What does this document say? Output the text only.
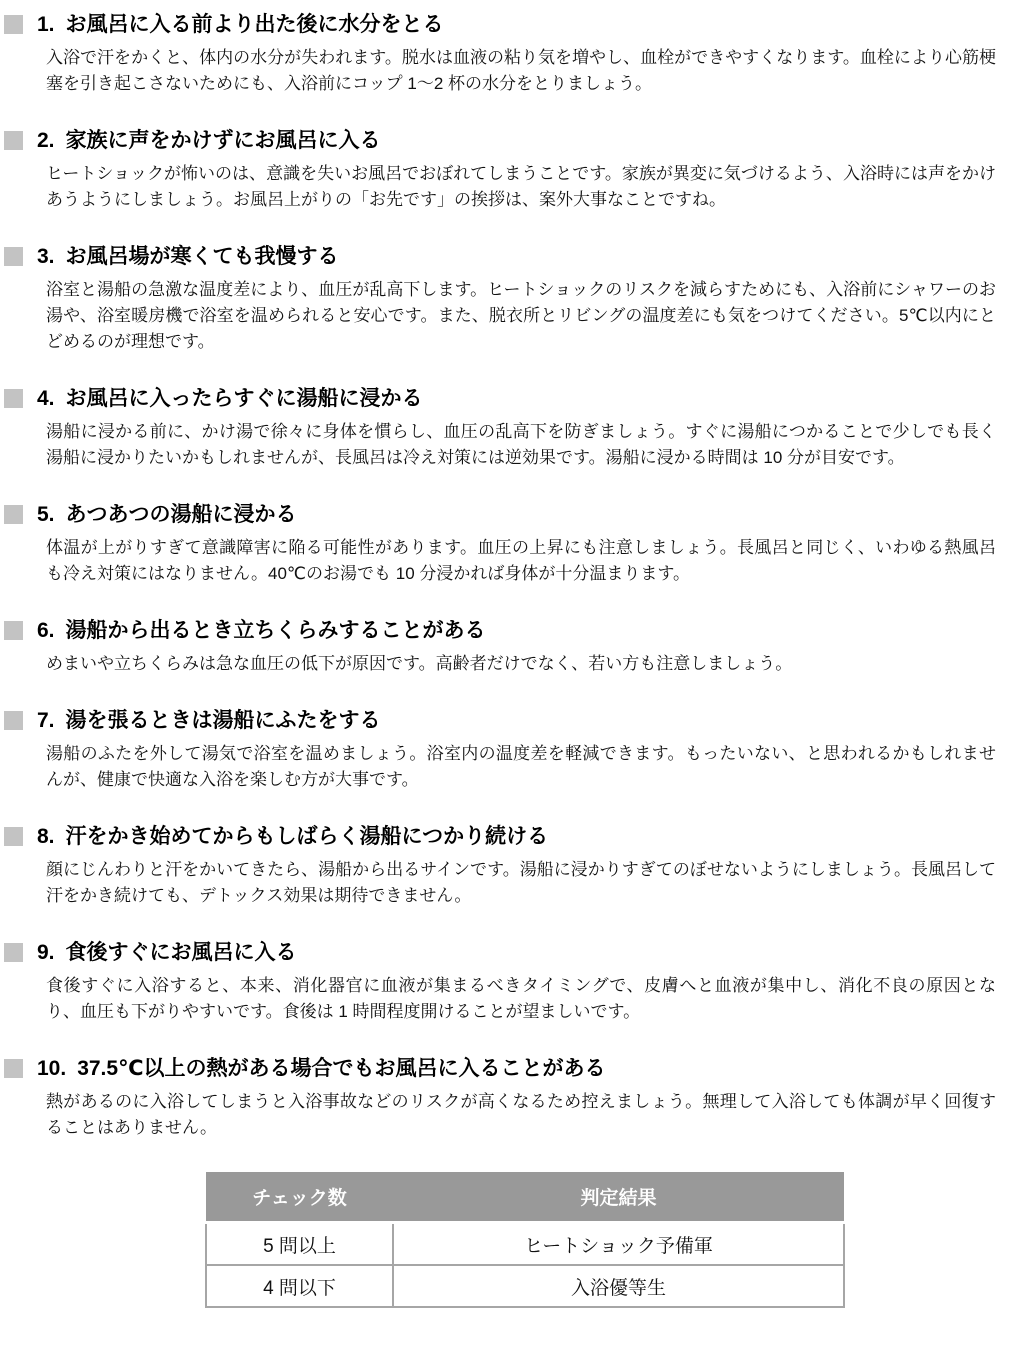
1. お風呂に入る前より出た後に水分をとる

入浴で汗をかくと、体内の水分が失われます。脱水は血液の粘り気を増やし、血栓ができやすくなります。血栓により心筋梗塞を引き起こさないためにも、入浴前にコップ 1～2 杯の水分をとりましょう。

2. 家族に声をかけずにお風呂に入る

ヒートショックが怖いのは、意識を失いお風呂でおぼれてしまうことです。家族が異変に気づけるよう、入浴時には声をかけあうようにしましょう。お風呂上がりの「お先です」の挨拶は、案外大事なことですね。

3. お風呂場が寒くても我慢する

浴室と湯船の急激な温度差により、血圧が乱高下します。ヒートショックのリスクを減らすためにも、入浴前にシャワーのお湯や、浴室暖房機で浴室を温められると安心です。また、脱衣所とリビングの温度差にも気をつけてください。5℃以内にとどめるのが理想です。

4. お風呂に入ったらすぐに湯船に浸かる

湯船に浸かる前に、かけ湯で徐々に身体を慣らし、血圧の乱高下を防ぎましょう。すぐに湯船につかることで少しでも長く湯船に浸かりたいかもしれませんが、長風呂は冷え対策には逆効果です。湯船に浸かる時間は 10 分が目安です。

5. あつあつの湯船に浸かる

体温が上がりすぎて意識障害に陥る可能性があります。血圧の上昇にも注意しましょう。長風呂と同じく、いわゆる熱風呂も冷え対策にはなりません。40℃のお湯でも 10 分浸かれば身体が十分温まります。

6. 湯船から出るとき立ちくらみすることがある

めまいや立ちくらみは急な血圧の低下が原因です。高齢者だけでなく、若い方も注意しましょう。

7. 湯を張るときは湯船にふたをする

湯船のふたを外して湯気で浴室を温めましょう。浴室内の温度差を軽減できます。もったいない、と思われるかもしれませんが、健康で快適な入浴を楽しむ方が大事です。

8. 汗をかき始めてからもしばらく湯船につかり続ける

顔にじんわりと汗をかいてきたら、湯船から出るサインです。湯船に浸かりすぎてのぼせないようにしましょう。長風呂して汗をかき続けても、デトックス効果は期待できません。

9. 食後すぐにお風呂に入る

食後すぐに入浴すると、本来、消化器官に血液が集まるべきタイミングで、皮膚へと血液が集中し、消化不良の原因となり、血圧も下がりやすいです。食後は 1 時間程度開けることが望ましいです。

10. 37.5℃以上の熱がある場合でもお風呂に入ることがある

熱があるのに入浴してしまうと入浴事故などのリスクが高くなるため控えましょう。無理して入浴しても体調が早く回復することはありません。

チェック数	判定結果
5 問以上	ヒートショック予備軍
4 問以下	入浴優等生
